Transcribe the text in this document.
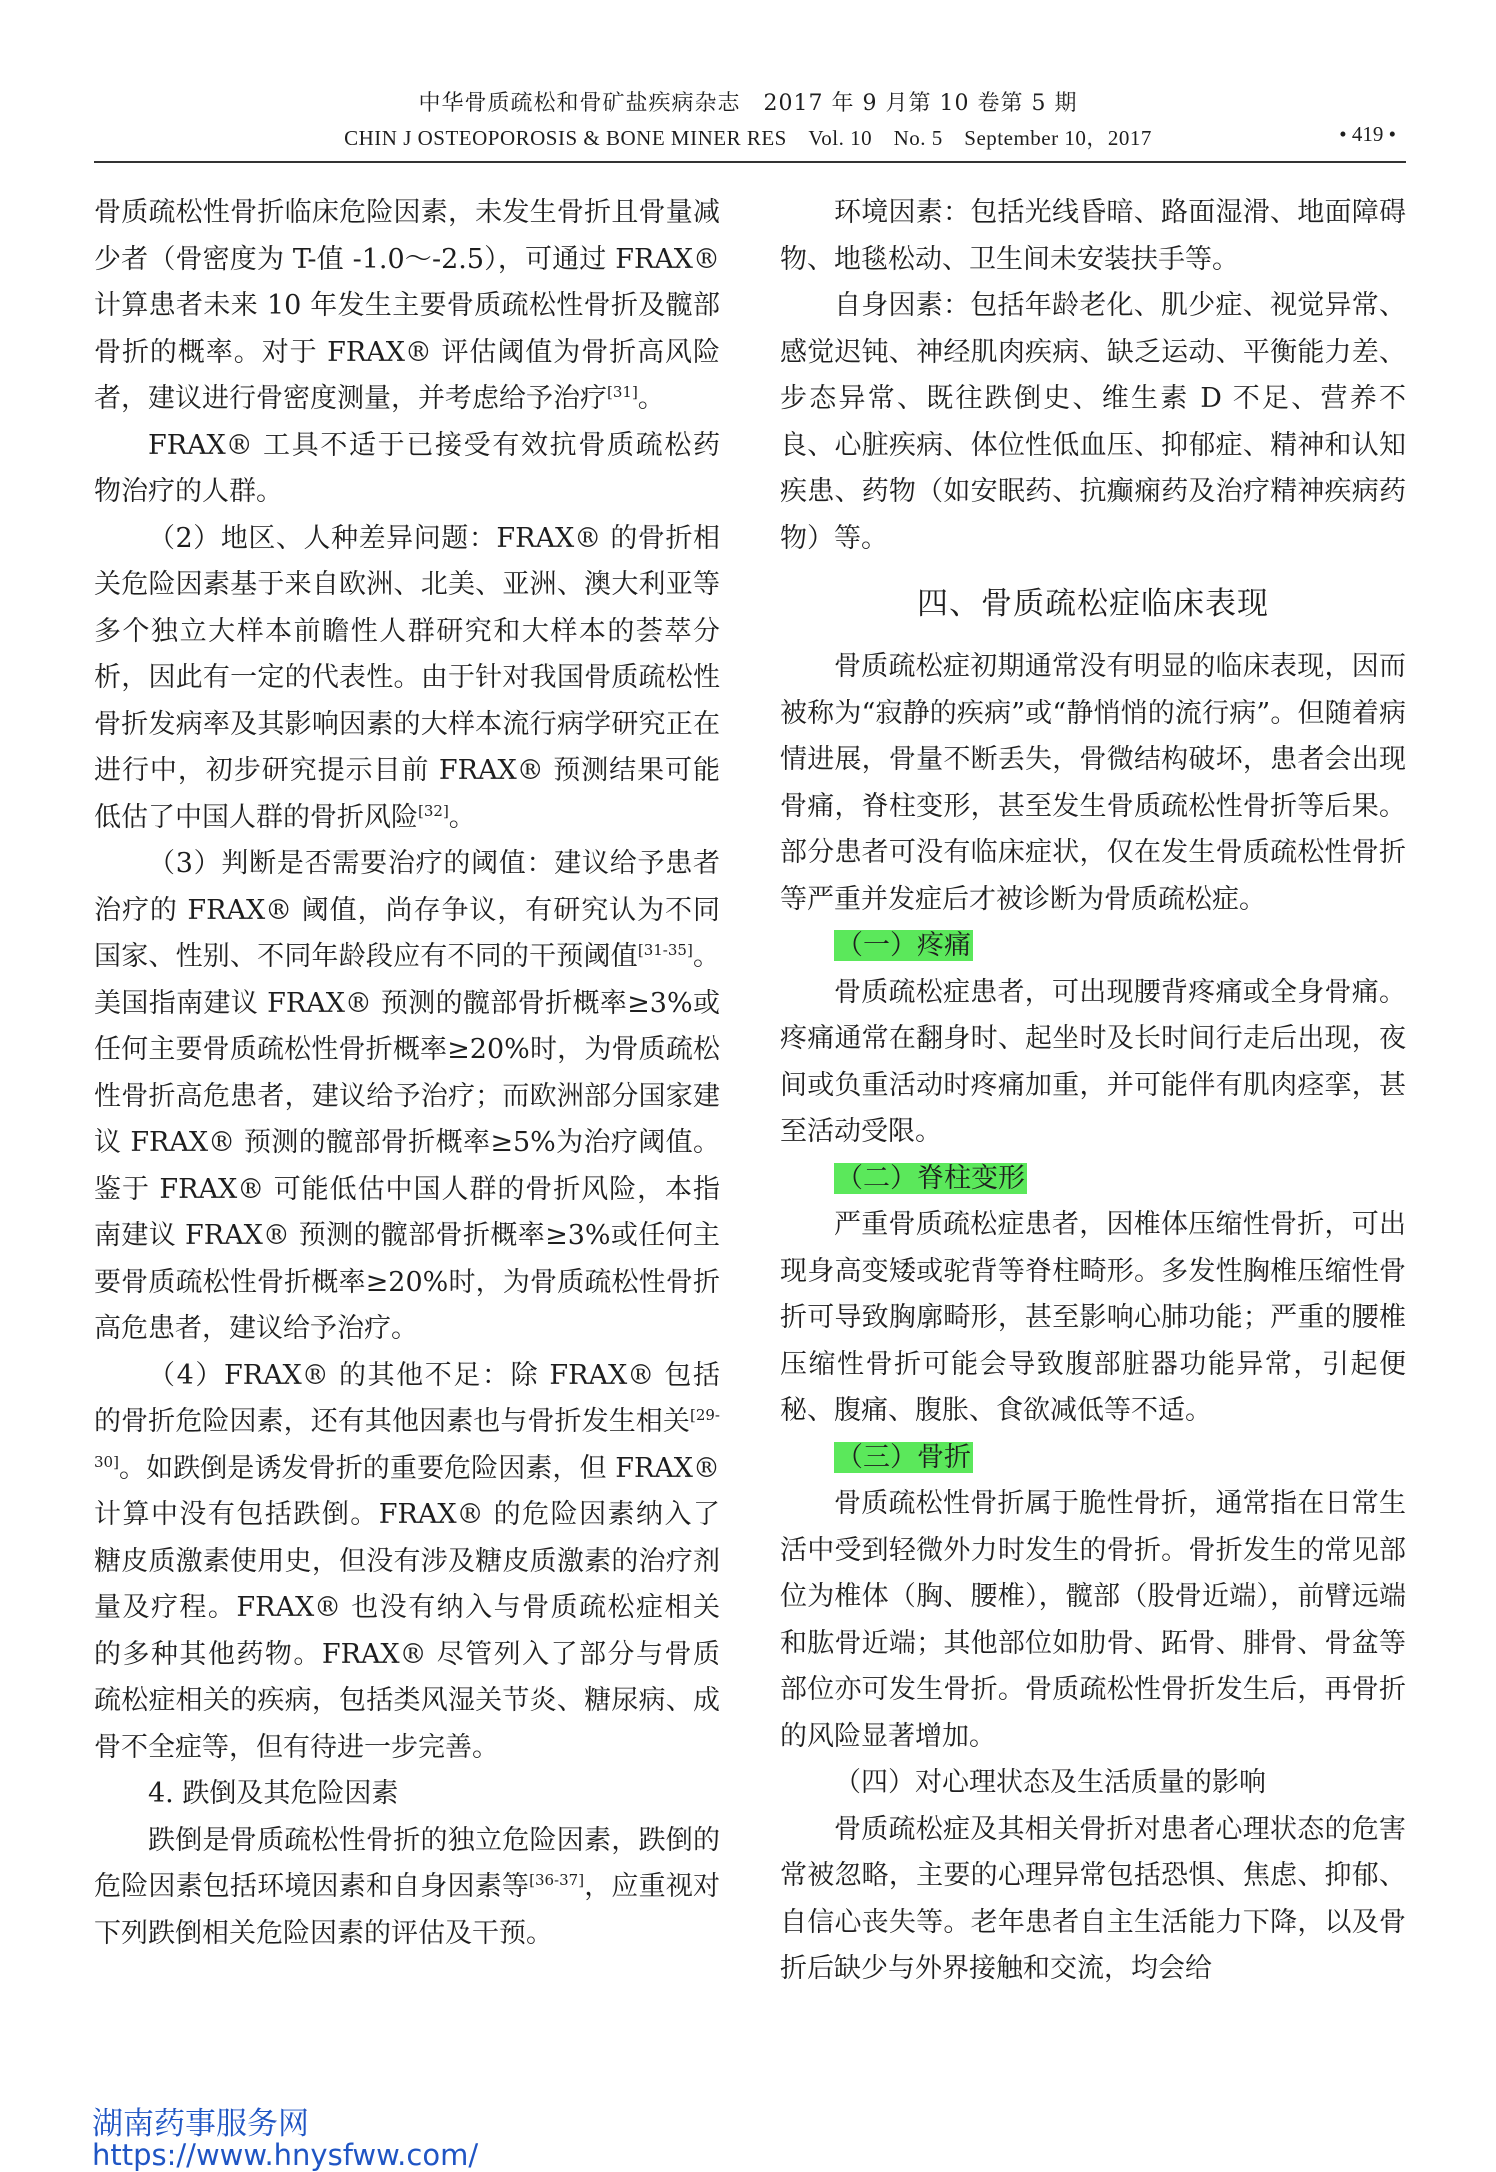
中华骨质疏松和骨矿盐疾病杂志　2017 年 9 月第 10 卷第 5 期
CHIN J OSTEOPOROSIS & BONE MINER RES　Vol. 10　No. 5　September 10，2017	• 419 •

骨质疏松性骨折临床危险因素，未发生骨折且骨量减少者（骨密度为 T-值 -1.0～-2.5），可通过 FRAX® 计算患者未来 10 年发生主要骨质疏松性骨折及髋部骨折的概率。对于 FRAX® 评估阈值为骨折高风险者，建议进行骨密度测量，并考虑给予治疗[31]。

FRAX® 工具不适于已接受有效抗骨质疏松药物治疗的人群。

（2）地区、人种差异问题：FRAX® 的骨折相关危险因素基于来自欧洲、北美、亚洲、澳大利亚等多个独立大样本前瞻性人群研究和大样本的荟萃分析，因此有一定的代表性。由于针对我国骨质疏松性骨折发病率及其影响因素的大样本流行病学研究正在进行中，初步研究提示目前 FRAX® 预测结果可能低估了中国人群的骨折风险[32]。

（3）判断是否需要治疗的阈值：建议给予患者治疗的 FRAX® 阈值，尚存争议，有研究认为不同国家、性别、不同年龄段应有不同的干预阈值[31-35]。美国指南建议 FRAX® 预测的髋部骨折概率≥3%或任何主要骨质疏松性骨折概率≥20%时，为骨质疏松性骨折高危患者，建议给予治疗；而欧洲部分国家建议 FRAX® 预测的髋部骨折概率≥5%为治疗阈值。鉴于 FRAX® 可能低估中国人群的骨折风险，本指南建议 FRAX® 预测的髋部骨折概率≥3%或任何主要骨质疏松性骨折概率≥20%时，为骨质疏松性骨折高危患者，建议给予治疗。

（4）FRAX® 的其他不足：除 FRAX® 包括的骨折危险因素，还有其他因素也与骨折发生相关[29-30]。如跌倒是诱发骨折的重要危险因素，但 FRAX® 计算中没有包括跌倒。FRAX® 的危险因素纳入了糖皮质激素使用史，但没有涉及糖皮质激素的治疗剂量及疗程。FRAX® 也没有纳入与骨质疏松症相关的多种其他药物。FRAX® 尽管列入了部分与骨质疏松症相关的疾病，包括类风湿关节炎、糖尿病、成骨不全症等，但有待进一步完善。

4. 跌倒及其危险因素

跌倒是骨质疏松性骨折的独立危险因素，跌倒的危险因素包括环境因素和自身因素等[36-37]，应重视对下列跌倒相关危险因素的评估及干预。

环境因素：包括光线昏暗、路面湿滑、地面障碍物、地毯松动、卫生间未安装扶手等。

自身因素：包括年龄老化、肌少症、视觉异常、感觉迟钝、神经肌肉疾病、缺乏运动、平衡能力差、步态异常、既往跌倒史、维生素 D 不足、营养不良、心脏疾病、体位性低血压、抑郁症、精神和认知疾患、药物（如安眠药、抗癫痫药及治疗精神疾病药物）等。

四、骨质疏松症临床表现

骨质疏松症初期通常没有明显的临床表现，因而被称为“寂静的疾病”或“静悄悄的流行病”。但随着病情进展，骨量不断丢失，骨微结构破坏，患者会出现骨痛，脊柱变形，甚至发生骨质疏松性骨折等后果。部分患者可没有临床症状，仅在发生骨质疏松性骨折等严重并发症后才被诊断为骨质疏松症。

（一）疼痛

骨质疏松症患者，可出现腰背疼痛或全身骨痛。疼痛通常在翻身时、起坐时及长时间行走后出现，夜间或负重活动时疼痛加重，并可能伴有肌肉痉挛，甚至活动受限。

（二）脊柱变形

严重骨质疏松症患者，因椎体压缩性骨折，可出现身高变矮或驼背等脊柱畸形。多发性胸椎压缩性骨折可导致胸廓畸形，甚至影响心肺功能；严重的腰椎压缩性骨折可能会导致腹部脏器功能异常，引起便秘、腹痛、腹胀、食欲减低等不适。

（三）骨折

骨质疏松性骨折属于脆性骨折，通常指在日常生活中受到轻微外力时发生的骨折。骨折发生的常见部位为椎体（胸、腰椎），髋部（股骨近端），前臂远端和肱骨近端；其他部位如肋骨、跖骨、腓骨、骨盆等部位亦可发生骨折。骨质疏松性骨折发生后，再骨折的风险显著增加。

（四）对心理状态及生活质量的影响

骨质疏松症及其相关骨折对患者心理状态的危害常被忽略，主要的心理异常包括恐惧、焦虑、抑郁、自信心丧失等。老年患者自主生活能力下降，以及骨折后缺少与外界接触和交流，均会给

湖南药事服务网
https://www.hnysfww.com/
